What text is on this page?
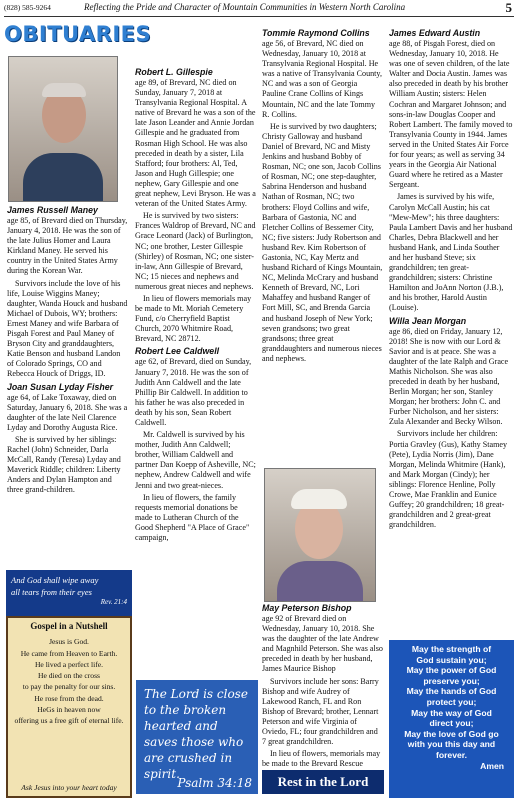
(828) 585-9264	Reflecting the Pride and Character of Mountain Communities in Western North Carolina	5
OBITUARIES
James Russell Maney

age 85, of Brevard died on Thursday, January 4, 2018. He was the son of the late Julius Homer and Laura Kirkland Maney. He served his country in the United States Army during the Korean War.

Survivors include the love of his life, Louise Wiggins Maney; daughter, Wanda Houck and husband Michael of Dubois, WY; brothers: Ernest Maney and wife Barbara of Pisgah Forest and Paul Maney of Bryson City and granddaughters, Katie Benson and husband Landon of Colorado Springs, CO and Rebecca Houck of Driggs, ID.

Joan Susan Lyday Fisher

age 64, of Lake Toxaway, died on Saturday, January 6, 2018. She was a daughter of the late Neil Clarence Lyday and Dorothy Augusta Rice.

She is survived by her siblings: Rachel (John) Schneider, Darla McCall, Randy (Teresa) Lyday and Maverick Riddle; children: Liberty Anders and Dylan Hampton and three grand-children.

And God shall wipe away
all tears from their eyes
Rev. 21:4
Gospel in a Nutshell
Jesus is God.
He came from Heaven to Earth.
He lived a perfect life.
He died on the cross
to pay the penalty for our sins.
He rose from the dead.
HeGs in heaven now
offering us a free gift of eternal life.
Ask Jesus into your heart today
Robert L. Gillespie

age 89, of Brevard, NC died on Sunday, January 7, 2018 at Transylvania Regional Hospital. A native of Brevard he was a son of the late Jason Leander and Annie Jordan Gillespie and he graduated from Rosman High School. He was also preceded in death by a sister, Lila Stafford; four brothers: Al, Ted, Jason and Hugh Gillespie; one nephew, Gary Gillespie and one great nephew, Levi Bryson. He was a veteran of the United States Army.

He is survived by two sisters: Frances Waldrop of Brevard, NC and Grace Leonard (Jack) of Burlington, NC; one brother, Lester Gillespie (Shirley) of Rosman, NC; one sister-in-law, Ann Gillespie of Brevard, NC; 15 nieces and nephews and numerous great nieces and nephews.

In lieu of flowers memorials may be made to Mt. Moriah Cemetery Fund, c/o Cherryfield Baptist Church, 2070 Whitmire Road, Brevard, NC 28712.

Robert Lee Caldwell

age 62, of Brevard, died on Sunday, January 7, 2018. He was the son of Judith Ann Caldwell and the late Phillip Bir Caldwell. In addition to his father he was also preceded in death by his son, Sean Robert Caldwell.

Mr. Caldwell is survived by his mother, Judith Ann Caldwell; brother, William Caldwell and partner Dan Koepp of Asheville, NC; nephew, Andrew Caldwell and wife Jenni and two great-nieces.

In lieu of flowers, the family requests memorial donations be made to Lutheran Church of the Good Shepherd "A Place of Grace" campaign,

The Lord is close to the broken hearted and saves those who are crushed in spirit.
Psalm 34:18
Tommie Raymond Collins

age 56, of Brevard, NC died on Wednesday, January 10, 2018 at Transylvania Regional Hospital. He was a native of Transylvania County, NC and was a son of Georgia Pauline Crane Collins of Kings Mountain, NC and the late Tommy R. Collins.

He is survived by two daughters; Christy Galloway and husband Daniel of Brevard, NC and Misty Jenkins and husband Bobby of Rosman, NC; one son, Jacob Collins of Rosman, NC; one step-daughter, Sabrina Henderson and husband Nathan of Rosman, NC; two brothers: Floyd Collins and wife, Barbara of Gastonia, NC and Fletcher Collins of Bessemer City, NC; five sisters: Judy Robertson and husband Rev. Kim Robertson of Gastonia, NC, Kay Mertz and husband Richard of Kings Mountain, NC, Melinda McCrary and husband Kenneth of Brevard, NC, Lori Mahaffey and husband Ranger of Fort Mill, SC, and Brenda Garcia and husband Joseph of New York; seven grandsons; two great grandsons; three great granddaughters and numerous nieces and nephews.

May Peterson Bishop

age 92 of Brevard died on Wednesday, January 10, 2018. She was the daughter of the late Andrew and Magnhild Peterson. She was also preceded in death by her husband, James Maurice Bishop

Survivors include her sons: Barry Bishop and wife Audrey of Lakewood Ranch, FL and Ron Bishop of Brevard; brother, Lennart Peterson and wife Virginia of Oviedo, FL; four grandchildren and 7 great grandchildren.

In lieu of flowers, memorials may be made to the Brevard Rescue

Rest in the Lord
James Edward Austin

age 88, of Pisgah Forest, died on Wednesday, January 10, 2018. He was one of seven children, of the late Walter and Docia Austin. James was also preceded in death by his brother William Austin; sisters: Helen Cochran and Margaret Johnson; and sons-in-law Douglas Cooper and Robert Lambert. The family moved to Transylvania County in 1944. James served in the United States Air Force for four years; as well as serving 34 years in the Georgia Air National Guard where he retired as a Master Sergeant.

James is survived by his wife, Carolyn McCall Austin; his cat "Mew-Mew"; his three daughters: Paula Lambert Davis and her husband Charles, Debra Blackwell and her husband Hank, and Linda Souther and her husband Steve; six grandchildren; ten great-grandchildren; sisters: Christine Hamilton and JoAnn Norton (J.B.), and his brother, Harold Austin (Louise).

Willa Jean Morgan

age 86, died on Friday, January 12, 2018! She is now with our Lord & Savior and is at peace. She was a daughter of the late Ralph and Grace Mathis Nicholson. She was also preceded in death by her husband, Berlin Morgan; her son, Stanley Morgan; her brothers: John C. and Furber Nicholson, and her sisters: Zula Alexander and Becky Wilson.

Survivors include her children: Portia Gravley (Gus), Kathy Stamey (Pete), Lydia Norris (Jim), Dane Morgan, Melinda Whitmire (Hank), and Mark Morgan (Cindy); her siblings: Florence Henline, Polly Crowe, Mae Franklin and Eunice Guffey; 20 grandchildren; 18 great-grandchildren and 2 great-great grandchildren.

May the strength of
God sustain you;
May the power of God
preserve you;
May the hands of God
protect you;
May the way of God
direct you;
May the love of God go
with you this day and
forever.
Amen
